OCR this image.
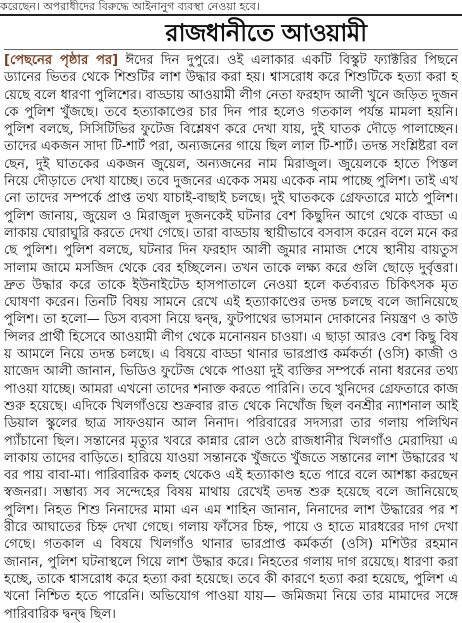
করেছেন। অপরাধীদের বিরুদ্ধে আইনানুগ ব্যবস্থা নেওয়া হবে।
রাজধানীতে আওয়ামী
[পেছনের পৃষ্ঠার পর] ঈদের দিন দুপুরে। ওই এলাকার একটি বিস্কুট ফ্যাক্টরির পিছনে ড্যানের ভিতর থেকে শিশুটির লাশ উদ্ধার করা হয়। শ্বাসরোধ করে শিশুটিকে হত্যা করা হয়েছে বলে ধারণা পুলিশের। বাড্ডায় আওয়ামী লীগ নেতা ফরহাদ আলী খুনে জড়িত দুজনকে পুলিশ খুঁজছে। তবে হত্যাকাণ্ডের চার দিন পার হলেও গতকাল পর্যন্ত মামলা হয়নি। পুলিশ বলছে, সিসিটিভির ফুটেজ বিশ্লেষণ করে দেখা যায়, দুই ঘাতক দৌড়ে পালাচ্ছেন। তাদের একজন সাদা টি-শার্ট পরা, অন্যজনের গায়ে ছিল লাল টি-শার্ট। তদন্ত সংশ্লিষ্টরা বলছেন, দুই ঘাতকের একজন জুয়েল, অন্যজনের নাম মিরাজুল। জুয়েলকে হাতে পিস্তল নিয়ে দৌড়াতে দেখা যাচ্ছে। তবে দুজনের একেক সময় একেক নাম পাচ্ছে পুলিশ। তাই এখনো তাদের সম্পর্কে প্রাপ্ত তথ্য যাচাই-বাছাই চলছে। দুই ঘাতককে গ্রেফতারে মাঠে পুলিশ। পুলিশ জানায়, জুয়েল ও মিরাজুল দুজনকেই ঘটনার বেশ কিছুদিন আগে থেকে বাড্ডা এলাকায় ঘোরাঘুরি করতে দেখা গেছে। তারা বাড্ডায় স্থায়ীভাবে বসবাস করেন বলে মনে করছে পুলিশ। পুলিশ বলছে, ঘটনার দিন ফরহাদ আলী জুমার নামাজ শেষে স্থানীয় বায়তুস সালাম জামে মসজিদ থেকে বের হচ্ছিলেন। তখন তাকে লক্ষ্য করে গুলি ছোড়ে দুর্বৃত্তরা। দ্রুত উদ্ধার করে তাকে ইউনাইটেড হাসপাতালে নেওয়া হলে কর্তব্যরত চিকিৎসক মৃত ঘোষণা করেন। তিনটি বিষয় সামনে রেখে এই হত্যাকাণ্ডের তদন্ত চলছে বলে জানিয়েছে পুলিশ। তা হলো— ডিস ব্যবসা নিয়ে দ্বন্দ্ব, ফুটপাথের ভাসমান দোকানের নিয়ন্ত্রণ ও কাউন্সিলর প্রার্থী হিসেবে আওয়ামী লীগ থেকে মনোনয়ন চাওয়া। এ ছাড়া আরও বেশ কিছু বিষয় আমলে নিয়ে তদন্ত চলছে। এ বিষয়ে বাড্ডা থানার ভারপ্রাপ্ত কর্মকর্তা (ওসি) কাজী ওয়াজেদ আলী জানান, ভিডিও ফুটেজ থেকে পাওয়া দুই ব্যক্তির সম্পর্কে নানা ধরনের তথ্য পাওয়া যাচ্ছে। আমরা এখনো তাদের শনাক্ত করতে পারিনি। তবে খুনিদের গ্রেফতারে কাজ শুরু হয়েছে। এদিকে খিলগাঁওয়ে শুক্রবার রাত থেকে নিখোঁজ ছিল বনশ্রীর ন্যাশনাল আইডিয়াল স্কুলের ছাত্র সাফওয়ান আল নিনাদ। পরিবারের সদস্যরা তার গলায় পলিথিন প্যাঁচানো ছিল। সন্তানের মৃত্যুর খবরে কান্নার রোল ওঠে রাজধানীর খিলগাঁও মেরাদিয়া এলাকায় তাদের বাড়িতে। হারিয়ে যাওয়া সন্তানকে খুঁজতে খুঁজতে সন্তানের লাশ উদ্ধারের খবর পায় বাবা-মা। পারিবারিক কলহ থেকেও এই হত্যাকাণ্ড হতে পারে বলে আশঙ্কা করছেন স্বজনরা। সম্ভাব্য সব সন্দেহের বিষয় মাথায় রেখেই তদন্ত শুরু হয়েছে বলে জানিয়েছে পুলিশ। নিহত শিশু নিনাদের মামা এন এম শাহিন জানান, নিনাদের লাশ উদ্ধারের পর শরীরে আঘাতের চিহ্ন দেখা গেছে। গলায় ফাঁসের চিহ্ন, পায়ে ও হাতে মারধরের দাগ দেখা গেছে। গতকাল এ বিষয়ে খিলগাঁও থানার ভারপ্রাপ্ত কর্মকর্তা (ওসি) মশিউর রহমান জানান, পুলিশ ঘটনাস্থলে গিয়ে লাশ উদ্ধার করে। নিহতের গলায় দাগ রয়েছে। ধারণা করা হচ্ছে, তাকে শ্বাসরোধ করে হত্যা করা হয়েছে। তবে কী কারণে হত্যা করা হয়েছে, পুলিশ এখনো নিশ্চিত হতে পারেনি। অভিযোগ পাওয়া যায়— জমিজমা নিয়ে তার মামাদের সঙ্গে পারিবারিক দ্বন্দ্ব ছিল।
